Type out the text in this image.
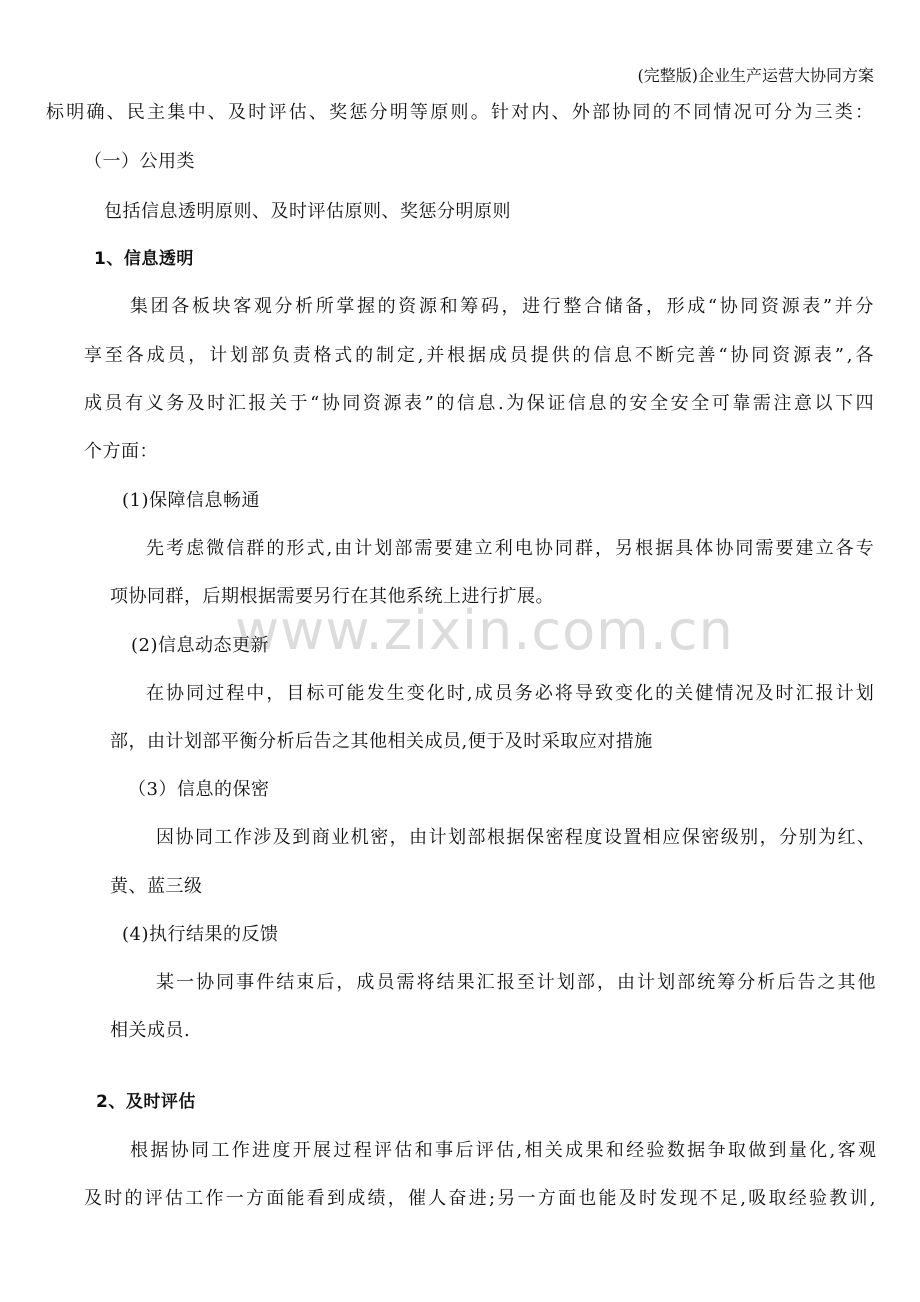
(完整版)企业生产运营大协同方案
www.zixin.com.cn
标明确、民主集中、及时评估、奖惩分明等原则。针对内、外部协同的不同情况可分为三类：
（一）公用类
包括信息透明原则、及时评估原则、奖惩分明原则
1、信息透明
集团各板块客观分析所掌握的资源和筹码，进行整合储备，形成“协同资源表”并分
享至各成员，计划部负责格式的制定,并根据成员提供的信息不断完善“协同资源表”,各
成员有义务及时汇报关于“协同资源表”的信息.为保证信息的安全安全可靠需注意以下四
个方面：
(1)保障信息畅通
先考虑微信群的形式,由计划部需要建立利电协同群，另根据具体协同需要建立各专
项协同群，后期根据需要另行在其他系统上进行扩展。
(2)信息动态更新
在协同过程中，目标可能发生变化时,成员务必将导致变化的关健情况及时汇报计划
部，由计划部平衡分析后告之其他相关成员,便于及时采取应对措施
（3）信息的保密
因协同工作涉及到商业机密，由计划部根据保密程度设置相应保密级别，分别为红、
黄、蓝三级
(4)执行结果的反馈
某一协同事件结束后，成员需将结果汇报至计划部，由计划部统筹分析后告之其他
相关成员.
2、及时评估
根据协同工作进度开展过程评估和事后评估,相关成果和经验数据争取做到量化,客观
及时的评估工作一方面能看到成绩，催人奋进;另一方面也能及时发现不足,吸取经验教训,
